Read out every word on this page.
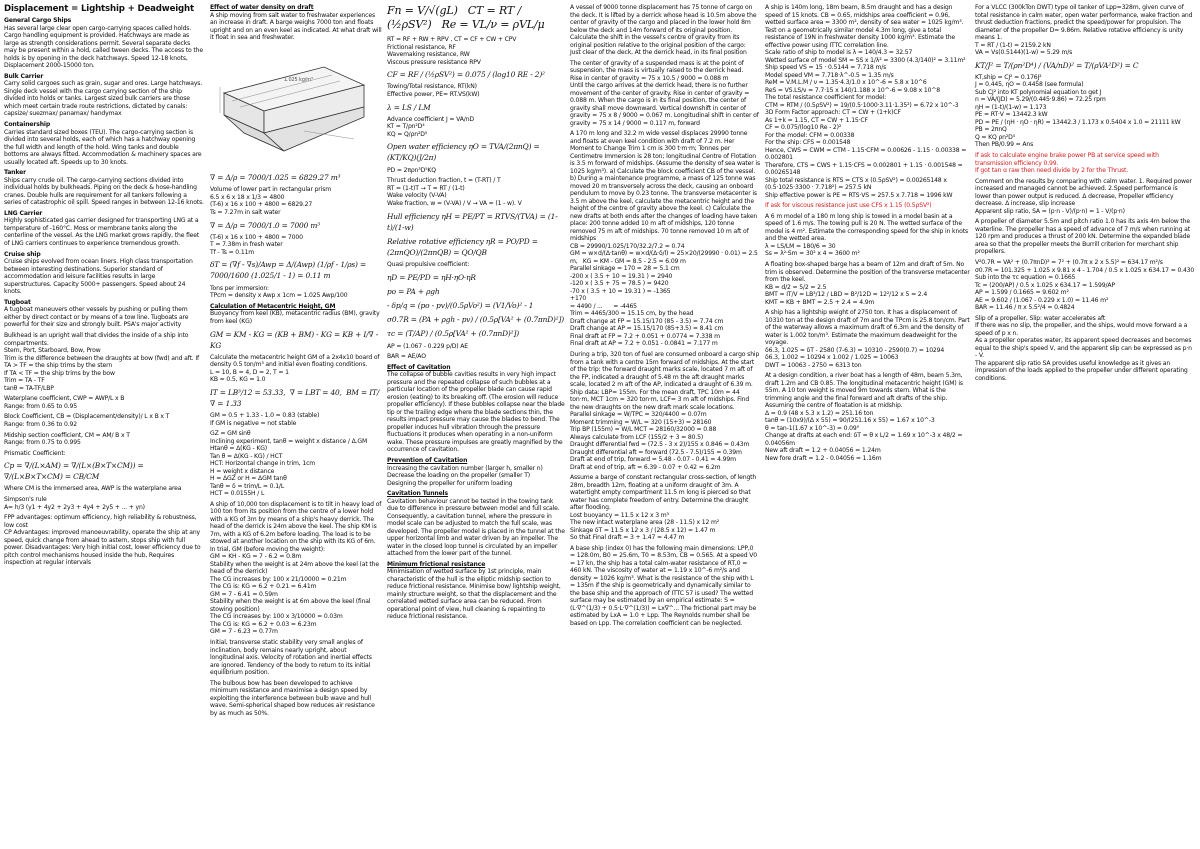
Displacement = Lightship + Deadweight

General Cargo Ships

Has several large clear open cargo-carrying spaces called holds. Cargo handling equipment is provided. Hatchways are made as large as strength considerations permit. Several separate decks may be present within a hold, called tween decks. The access to the holds is by opening in the deck hatchways. Speed 12-18 knots, Displacement 2000-15000 ton.

Bulk Carrier

Carry solid cargoes such as grain, sugar and ores. Large hatchways. Single deck vessel with the cargo carrying section of the ship divided into holds or tanks. Largest sized bulk carriers are those which meet certain trade route restrictions, dictated by canals: capsize/ suezmax/ panamax/ handymax

Containership

Carries standard sized boxes (TEU). The cargo-carrying section is divided into several holds, each of which has a hatchway opening the full width and length of the hold. Wing tanks and double bottoms are always fitted. Accommodation & machinery spaces are usually located aft. Speeds up to 30 knots.

Tanker

Ships carry crude oil. The cargo-carrying sections divided into individual holds by bulkheads. Piping on the deck & hose-handling cranes. Double hulls are requirement for all tankers following a series of catastrophic oil spill. Speed ranges in between 12-16 knots.

LNG Carrier

Highly sophisticated gas carrier designed for transporting LNG at a temperature of -160°C. Moss or membrane tanks along the centerline of the vessel. As the LNG market grows rapidly, the fleet of LNG carriers continues to experience tremendous growth.

Cruise ship

Cruise ships evolved from ocean liners. High class transportation between interesting destinations. Superior standard of accommodation and leisure facilities results in large superstructures. Capacity 5000+ passengers. Speed about 24 knots.

Tugboat

A tugboat maneuvers other vessels by pushing or pulling them either by direct contact or by means of a tow line. Tugboats are powerful for their size and strongly built. PSA's major activity

Bulkhead is an upright wall that divides the inside of a ship into compartments.
Stern, Port, Starboard, Bow, Prow
Trim is the difference between the draughts at bow (fwd) and aft. If TA > TF = the ship trims by the stern
If TA < TF = the ship trims by the bow
Trim = TA - TF
tanθ = TA-TF/LBP

Waterplane coefficient, CWP = AWP/L x B
Range: from 0.65 to 0.95

Block Coefficient, CB = (Displacement/density)/ L x B x T
Range: from 0.36 to 0.92

Midship section coefficient, CM = AM/ B x T
Range: from 0.75 to 0.995

Prismatic Coefficient:

Cp = ∇/(L×AM) = ∇/(L×(B×T×CM)) = ∇/(L×B×T×CM) = CB/CM

Where CM is the immersed area, AWP is the waterplane area

Simpson's rule
A= h/3 (y1 + 4y2 + 2y3 + 4y4 + 2y5 + ... + yn)

FPP advantages: optimum efficiency, high reliability & robustness, low cost
CP Advantages: improved manoeuvrability, operate the ship at any speed, quick change from ahead to astern, stops ship with full power. Disadvantages: Very high initial cost, lower efficiency due to pitch control mechanisms housed inside the hub, Requires inspection at regular intervals

Effect of water density on draft

A ship moving from salt water to freshwater experiences an increase in draft. A barge weighs 7000 ton and floats upright and on an even keel as indicated. At what draft will it float in sea and freshwater.

1.025 kg/m³

∇ = Δ/ρ = 7000/1.025 = 6829.27 m³

Volume of lower part in rectangular prism
6.5 x 6 x 18 x 1/3 = 4800
(T-6) x 16 x 100 + 4800 = 6829.27
Ts = 7.27m in salt water

∇ = Δ/ρ = 7000/1.0 = 7000 m³

(T-6) x 16 x 100 + 4800 = 7000
T = 7.38m in fresh water
Tf - Ts = 0.11m

δT = (∇f - ∇s)/Awp = Δ/(Awp) (1/ρf - 1/ρs) = 7000/1600 (1.025/1 - 1) = 0.11 m

Tons per immersion:
TPcm = density x Awp x 1cm = 1.025 Awp/100

Calculation of Metacentric Height, GM

Buoyancy from keel (KB), metacentric radius (BM), gravity from keel (KG)

GM = KM - KG = (KB + BM) - KG = KB + I/∇ - KG

Calculate the metacentric height GM of a 2x4x10 board of density 0.5 ton/m³ and initial even floating conditions.
L = 10, B = 4, D = 2, T = 1
KB = 0.5, KG = 1.0

IT = LB³/12 = 53.33,  ∇ = LBT = 40,  BM = IT/∇ = 1.33

GM = 0.5 + 1.33 - 1.0 = 0.83 (stable)
If GM is negative = not stable

GZ = GM sinθ
Inclining experiment, tanθ = weight x distance / Δ.GM
Htanθ = Δ(KG - KG)
Tan θ = Δ(KG - KG) / HCT
HCT: Horizontal change in trim, 1cm
H = weight x distance
H = ΔGZ or H = ΔGM tanθ
Tanθ = δ = trim/L = 0.1/L
HCT = 0.0155H / L

A ship of 10,000 ton displacement is to tilt in heavy load of 100 ton from its position from the centre of a lower hold with a KG of 3m by means of a ship's heavy derrick. The head of the derrick is 24m above the keel. The ship KM is 7m, with a KG of 6.2m before loading. The load is to be stowed at another location on the ship with its KG of 6m. In trial, GM (before moving the weight):
GM = KH - KG = 7 - 6.2 = 0.8m
Stability when the weight is at 24m above the keel (at the head of the derrick)
The CG increases by: 100 x 21/10000 = 0.21m
The CG is: KG = 6.2 + 0.21 = 6.41m
GM = 7 - 6.41 = 0.59m
Stability when the weight is at 6m above the keel (final stowing position)
The CG increases by: 100 x 3/10000 = 0.03m
The CG is: KG = 6.2 + 0.03 = 6.23m
GM = 7 - 6.23 = 0.77m

Initial, transverse static stability very small angles of inclination, body remains nearly upright, about longitudinal axis. Velocity of rotation and inertial effects are ignored. Tendency of the body to return to its initial equilibrium position.

The bulbous bow has been developed to achieve minimum resistance and maximise a design speed by exploiting the interference between bulb wave and hull wave. Semi-spherical shaped bow reduces air resistance by as much as 50%.

Fn = V/√(gL)   CT = RT / (½ρSV²)   Re = VL/ν = ρVL/μ

RT = RF + RW + RPV , CT = CF + CW + CPV
Frictional resistance, RF
Wavemaking resistance, RW
Viscous pressure resistance RPV

CF = RF / (½ρSV²) = 0.075 / (log10 RE - 2)²

Towing/Total resistance, RT(kN)
Effective power, PE= RT.VS(kW)

λ = LS / LM

Advance coefficient J = VA/nD
KT = T/ρn²D⁴
KQ = Q/ρn²D⁵

Open water efficiency ηO = TVA/(2πnQ) = (KT/KQ)(J/2π)

PD = 2πρn³D⁵KQ

Thrust deduction fraction, t = (T-RT) / T
RT = (1-t)T → T = RT / (1-t)
Wake velocity (V-VA)
Wake fraction, w = (V-VA) / V → VA = (1 - w). V

Hull efficiency ηH = PE/PT = RTVS/(TVA) = (1-t)/(1-w)

Relative rotative efficiency ηR = PO/PD = (2πnQO)/(2πnQB) = QO/QB

Quasi propulsive coefficient:

ηD = PE/PD = ηH·ηO·ηR

po = PA + ρgh

- δp/q = (po - pv)/(0.5ρVo²) = (V1/Vo)² - 1

σ0.7R = (PA + ρgh - pv) / (0.5ρ[VA² + (0.7πnD)²])

τc = (T/AP) / (0.5ρ[VA² + (0.7πnD)²])

AP = (1.067 - 0.229 p/D) AE

BAR = AE/AO

Effect of Cavitation

The collapse of bubble cavities results in very high impact pressure and the repeated collapse of such bubbles at a particular location of the propeller blade can cause rapid erosion (eating) to its breaking off. (The erosion will reduce propeller efficiency). If these bubbles collapse near the blade tip or the trailing edge where the blade sections thin, the results impact pressure may cause the blades to bend. The propeller induces hull vibration through the pressure fluctuations it produces when operating in a non-uniform wake. These pressure impulses are greatly magnified by the occurrence of cavitation.

Prevention of Cavitation

Increasing the cavitation number (larger h, smaller n)
Decrease the loading on the propeller (smaller T)
Designing the propeller for uniform loading

Cavitation Tunnels

Cavitation behaviour cannot be tested in the towing tank due to difference in pressure between model and full scale. Consequently, a cavitation tunnel, where the pressure in model scale can be adjusted to match the full scale, was developed. The propeller model is placed in the tunnel at the upper horizontal limb and water driven by an impeller. The water in the closed loop tunnel is circulated by an impeller attached from the lower part of the tunnel.

Minimum frictional resistance

Minimisation of wetted surface by 1st principle, main characteristic of the hull is the elliptic midship section to reduce frictional resistance. Minimise bow/ lightship weight, mainly structure weight, so that the displacement and the correlated wetted surface area can be reduced. From operational point of view, hull cleaning & repainting to reduce frictional resistance.

A vessel of 9000 tonne displacement has 75 tonne of cargo on the deck. It is lifted by a derrick whose head is 10.5m above the center of gravity of the cargo and placed in the lower hold 8m below the deck and 14m forward of its original position. Calculate the shift in the vessel's centre of gravity from its original position relative to the original position of the cargo:
Just clear of the deck, At the derrick head, in its final position

The center of gravity of a suspended mass is at the point of suspension, the mass is virtually raised to the derrick head.
Rise in center of gravity = 75 x 10.5 / 9000 = 0.088 m
Until the cargo arrives at the derrick head, there is no further movement of the center of gravity. Rise in center of gravity = 0.088 m. When the cargo is in its final position, the center of gravity shall move downward. Vertical downshift in center of gravity = 75 x 8 / 9000 = 0.067 m. Longitudinal shift in center of gravity = 75 x 14 / 9000 = 0.117 m, forward

A 170 m long and 32.2 m wide vessel displaces 29990 tonne and floats at even keel condition with draft of 7.2 m. Her Moment to Change Trim 1 cm is 300 t·m·m; Tonnes per Centimetre Immersion is 28 ton; longitudinal Centre of Flotation is 3.5 m forward of midships. (Assume the density of sea water is 1025 kg/m³). a) Calculate the block coefficient CB of the vessel. b) During a maintenance programme, a mass of 125 tonne was moved 20 m transversely across the deck, causing an onboard pendulum to move by 0.23 tonne. The transverse metacenter is 3.5 m above the keel, calculate the metacentric height and the height of the centre of gravity above the keel. c) Calculate the new drafts at both ends after the changes of loading have taken place: 200 tonne added 10 m aft of midships, 120 tonne removed 75 m aft of midships. 70 tonne removed 10 m aft of midships
CB = 29990/1.025/170/32.2/7.2 = 0.74
GM = w×d/(Δ·tanθ) = w×d/(Δ·δ/l) = 25×20/(29990 · 0.01) = 2.5 m,   KG = KM - GM = 8.5 - 2.5 = 6.09 m
Parallel sinkage = 170 = 28 = 5.1 cm
-200 x ( 3.5 + 10 = 19.31 ) = 2940
-120 x ( 3.5 + 75 = 78.5 ) = 9420
-70 x ( 3.5 + 10 = 19.31 ) = -1365
+170
≈ 4490 / ...      = -4465
Trim = 4465/300 = 15.15 cm, by the head
Draft change at FP = 15.15/170 (85 - 3.5) = 7.74 cm
Draft change at AP = 15.15/170 (85+3.5) = 8.41 cm
Final draft at FP = 7.2 + 0.051 + 0.0774 = 7.338 m
Final draft at AP = 7.2 + 0.051 - 0.0841 = 7.177 m

During a trip, 320 ton of fuel are consumed onboard a cargo ship from a tank with a centre 15m forward of midships. At the start of the trip: the forward draught marks scale, located 7 m aft of the FP, indicated a draught of 5.48 m the aft draught marks scale, located 2 m aft of the AP, indicated a draught of 6.39 m. Ship data: LBP= 155m. For the mean draft, TPC 10m = 44 ton·m, MCT 1cm = 320 ton·m, LCF= 3 m aft of midships. Find the new draughts on the new draft mark scale locations.
Parallel sinkage = W/TPC = 320/4400 = 0.07m
Moment trimming = W/L = 320 (15+3) = 28160
Trip BP (155m) = W/L MCT = 28160/32000 = 0.88
Always calculate from LCF (155/2 + 3 = 80.5)
Draught differential fwd = (72.5 - 3 x 2)/155 x 0.846 = 0.43m
Draught differential aft = forward (72.5 - 7.5)/155 = 0.39m
Draft at end of trip, forward = 5.48 - 0.07 - 0.41 = 4.99m
Draft at end of trip, aft = 6.39 - 0.07 + 0.42 = 6.2m

Assume a barge of constant rectangular cross-section, of length 28m, breadth 12m, floating at a uniform draught of 3m. A watertight empty compartment 11.5 m long is pierced so that water has complete freedom of entry. Determine the draught after flooding.
Lost buoyancy = 11.5 x 12 x 3 m³
The new intact waterplane area (28 - 11.5) x 12 m²
Sinkage δT = 11.5 x 12 x 3 / (28.5 x 12) = 1.47 m
So that Final draft = 3 + 1.47 = 4.47 m

A base ship (index 0) has the following main dimensions: LPP,0 = 128.0m, B0 = 25.6m, T0 = 8.53m, CB = 0.565. At a speed V0 = 17 kn, the ship has a total calm-water resistance of RT,0 = 460 kN. The viscosity of water at = 1.19 x 10^-6 m²/s and density = 1026 kg/m³. What is the resistance of the ship with L = 135m if the ship is geometrically and dynamically similar to the base ship and the approach of ITTC 57 is used? The wetted surface may be estimated by an empirical estimate: S = (L·∇^(1/3) + 0.5·L·∇^(1/3)) = Lx∇^... The frictional part may be estimated by LxA = 1.0 + Lpp. The Reynolds number shall be based on Lpp. The correlation coefficient can be neglected.

A ship is 140m long, 18m beam, 8.5m draught and has a design speed of 15 knots. CB = 0.65, midships area coefficient = 0.96, wetted surface area = 3300 m², density of sea water = 1025 kg/m³. Test on a geometrically similar model 4.3m long, give a total resistance of 19N in freshwater density 1000 kg/m³. Estimate the effective power using ITTC correlation line.
Scale ratio of ship to model is λ = 140/4.3 = 32.57
Wetted surface of model SM = SS x 1/λ² = 3300 (4.3/140)² = 3.11m²
Ship speed VS = 15 · 0.5144 = 7.718 m/s
Model speed VM = 7.718·λ^-0.5 = 1.35 m/s
ReM = V.M.L.M / ν = 1.35·4.3/1.0 x 10^-6 = 5.8 x 10^6
ReS = VS.LS/ν = 7.7·15 x 140/1.188 x 10^-6 = 9.08 x 10^8
The total resistance coefficient for model:
CTM = RTM / (0.5ρSV²) = 19/(0.5·1000·3.11·1.35²) = 6.72 x 10^-3
3D Form Factor approach: CT = CW + (1+k)CF
As 1+k = 1.15, CT = CW + 1.15·CF
CF = 0.075/(log10 Re - 2)²
For the model: CFM = 0.00338
For the ship: CFS = 0.001548
Hence, CWS = CWM = CTM - 1.15·CFM = 0.00626 - 1.15 · 0.00338 = 0.002801
Therefore, CTS = CWS + 1.15·CFS = 0.002801 + 1.15 · 0.001548 = 0.00265148
Ship total resistance is RTS = CTS x (0.5ρSV²) = 0.00265148 x (0.5·1025·3300 · 7.718²) = 257.5 kN
Ship effective power is PE = RTS·VS = 257.5 x 7.718 = 1996 kW

If ask for viscous resistance just use CFS x 1.15 (0.5ρSV²)

A 6 m model of a 180 m long ship is towed in a model basin at a speed of 1.6 m/s. The towing pull is 20 N. The wetted surface of the model is 4 m². Estimate the corresponding speed for the ship in knots and the wetted area.
λ = LS/LM = 180/6 = 30
Ss = λ²·Sm = 30² x 4 = 3600 m²

A floating box-shaped barge has a beam of 12m and draft of 5m. No trim is observed. Determine the position of the transverse metacenter from the keel.
KB = d/2 = 5/2 = 2.5
BMT = IT/V = LB³/12 / LBD = B²/12D = 12²/12 x 5 = 2.4
KMT = KB + BMT = 2.5 + 2.4 = 4.9m

A ship has a lightship weight of 2750 ton. It has a displacement of 10310 ton at the design draft of 7m and the TPcm is 25.8 ton/cm. Part of the waterway allows a maximum draft of 6.3m and the density of water is 1.002 ton/m³. Estimate the maximum deadweight for the voyage.
δ6.3, 1.025 = δT - 2580 (7-6.3) = 10310 - 2590(0.7) = 10294
δ6.3, 1.002 = 10294 x 1.002 / 1.025 = 10063
DWT = 10063 - 2750 = 6313 ton

At a design condition, a river boat has a length of 48m, beam 5.3m, draft 1.2m and CB 0.85. The longitudinal metacentric height (GM) is 55m. A 10 ton weight is moved 9m towards stern. What is the trimming angle and the final forward and aft drafts of the ship. Assuming the centre of floatation is at midship.
Δ = 0.9 (48 x 5.3 x 1.2) = 251.16 ton
tanθ = (10x9)/(Δ x 55) = 90/(251.16 x 55) = 1.67 x 10^-3
θ = tan-1(1.67 x 10^-3) = 0.09°
Change at drafts at each end: δT = θ x L/2 = 1.69 x 10^-3 x 48/2 = 0.04056m
New aft draft = 1.2 + 0.04056 = 1.24m
New fore draft = 1.2 - 0.04056 = 1.16m

For a VLCC (300kTon DWT) type oil tanker of Lpp=328m, given curve of total resistance in calm water, open water performance, wake fraction and thrust deduction fractions, predict the speed/power for propulsion. The diameter of the propeller D= 9.86m. Relative rotative efficiency is unity means 1.
T = RT / (1-t) = 2159.2 kN
VA = Vs(0.5144)(1-w) = 5.29 m/s

KT/J² = T/(ρn²D⁴) / (VA/nD)² = T/(ρVA²D²) = C

KT,ship = CJ² = 0.176J²
J = 0.445, ηO = 0.4458 (see formula)
Sub CJ² into KT polynomial equation to get J
n = VA/(JD) = 5.29/(0.445·9.86) = 72.25 rpm
ηH = (1-t)/(1-w) = 1.173
PE = RT·V = 13442.3 kW
PD = PE / (ηH · ηO · ηR) = 13442.3 / 1.173 x 0.5404 x 1.0 = 21111 kW
PB = 2πnQ
Q = KQ ρn²D⁵
Then PB/0.99 = Ans

If ask to calculate engine brake power PB at service speed with transmission efficiency 0.99.
If got tan α raw then need divide by 2 for the Thrust.

Comment on the results by comparing with calm water. 1. Required power increased and managed cannot be achieved. 2.Speed performance is lower than power output is reduced. Δ decrease, Propeller efficiency decrease. Δ increase, slip increase
Apparent slip ratio, SA = (p·n - V)/(p·n) = 1 - V/(p·n)

A propeller of diameter 5.5m and pitch ratio 1.0 has its axis 4m below the waterline. The propeller has a speed of advance of 7 m/s when running at 120 rpm and produces a thrust of 200 kN. Determine the expanded blade area so that the propeller meets the Burrill criterion for merchant ship propellers.

V²0.7R = VA² + (0.7πnD)² = 7² + (0.7π x 2 x 5.5)² = 634.17 m²/s
σ0.7R = 101.325 + 1.025 x 9.81 x 4 - 1.704 / 0.5 x 1.025 x 634.17 = 0.430
Sub into the τc equation = 0.1665
Tc = (200/AP) / 0.5 x 1.025 x 634.17 = 1.599/AP
AP = 1.599 / 0.1665 = 9.602 m²
AE = 9.602 / (1.067 - 0.229 x 1.0) = 11.46 m²
BAR = 11.46 / π x 5.5²/4 = 0.4824

Slip of a propeller, Slip: water accelerates aft
If there was no slip, the propeller, and the ships, would move forward a a speed of p x n.
As a propeller operates water, its apparent speed decreases and becomes equal to the ship's speed V, and the apparent slip can be expressed as p·n - V.
The apparent slip ratio SA provides useful knowledge as it gives an impression of the loads applied to the propeller under different operating conditions.
